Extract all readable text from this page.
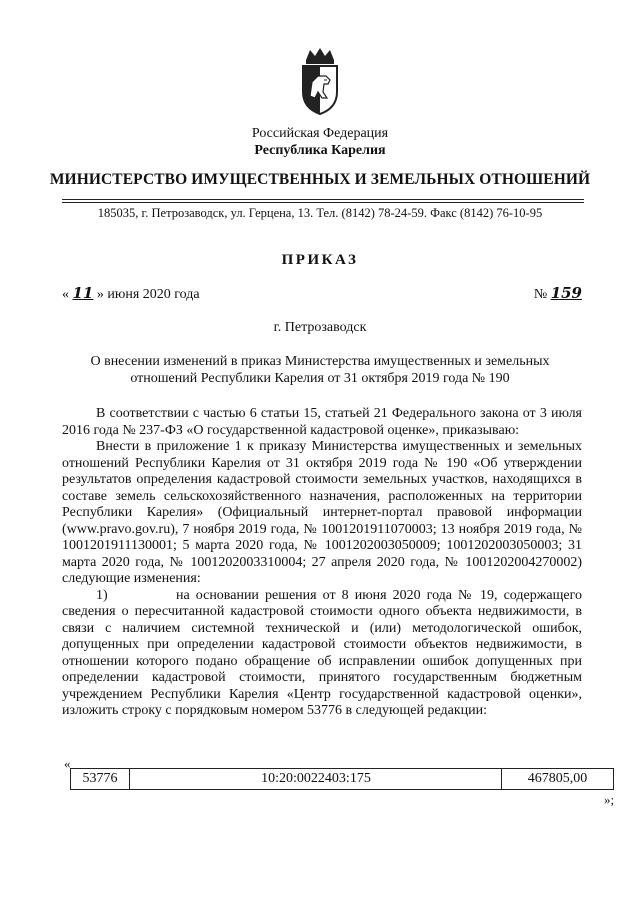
Российская Федерация
Республика Карелия
МИНИСТЕРСТВО ИМУЩЕСТВЕННЫХ И ЗЕМЕЛЬНЫХ ОТНОШЕНИЙ
185035, г. Петрозаводск, ул. Герцена, 13. Тел. (8142) 78-24-59. Факс (8142) 76-10-95
ПРИКАЗ
« 11 » июня 2020 года	№ 159
г. Петрозаводск
О внесении изменений в приказ Министерства имущественных и земельных отношений Республики Карелия от 31 октября 2019 года № 190

В соответствии с частью 6 статьи 15, статьей 21 Федерального закона от 3 июля 2016 года № 237-ФЗ «О государственной кадастровой оценке», приказываю:

Внести в приложение 1 к приказу Министерства имущественных и земельных отношений Республики Карелия от 31 октября 2019 года № 190 «Об утверждении результатов определения кадастровой стоимости земельных участков, находящихся в составе земель сельскохозяйственного назначения, расположенных на территории Республики Карелия» (Официальный интернет-портал правовой информации (www.pravo.gov.ru), 7 ноября 2019 года, № 1001201911070003; 13 ноября 2019 года, № 1001201911130001; 5 марта 2020 года, № 1001202003050009; 1001202003050003; 31 марта 2020 года, № 1001202003310004; 27 апреля 2020 года, № 1001202004270002) следующие изменения:

1)	на основании решения от 8 июня 2020 года № 19, содержащего сведения о пересчитанной кадастровой стоимости одного объекта недвижимости, в связи с наличием системной технической и (или) методологической ошибок, допущенных при определении кадастровой стоимости объектов недвижимости, в отношении которого подано обращение об исправлении ошибок допущенных при определении кадастровой стоимости, принятого государственным бюджетным учреждением Республики Карелия «Центр государственной кадастровой оценки», изложить строку с порядковым номером 53776 в следующей редакции:

«
53776	10:20:0022403:175	467805,00
»;
